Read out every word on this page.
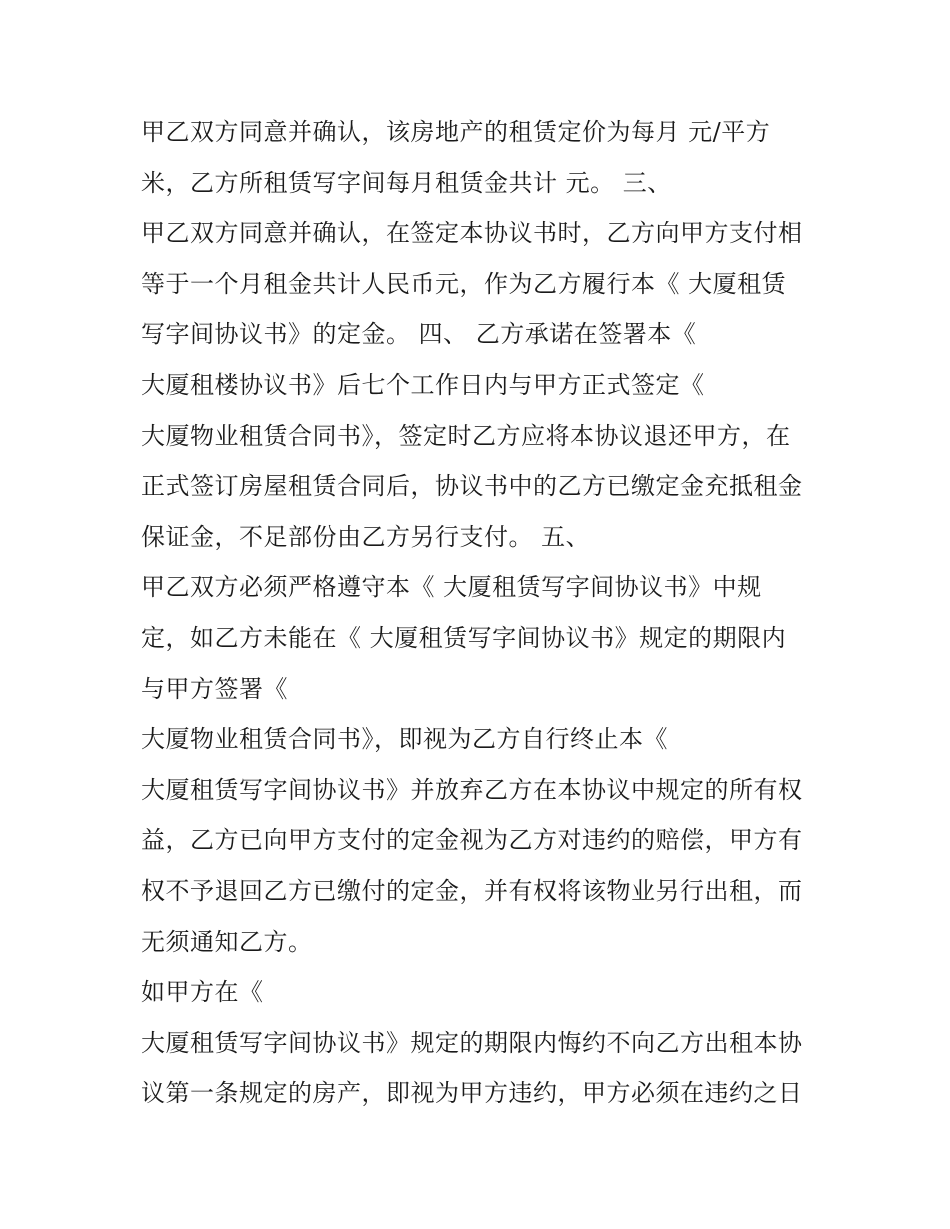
甲乙双方同意并确认，该房地产的租赁定价为每月 元/平方
米，乙方所租赁写字间每月租赁金共计 元。 三、
甲乙双方同意并确认，在签定本协议书时，乙方向甲方支付相
等于一个月租金共计人民币元，作为乙方履行本《 大厦租赁
写字间协议书》的定金。 四、 乙方承诺在签署本《
大厦租楼协议书》后七个工作日内与甲方正式签定《
大厦物业租赁合同书》，签定时乙方应将本协议退还甲方，在
正式签订房屋租赁合同后，协议书中的乙方已缴定金充抵租金
保证金，不足部份由乙方另行支付。 五、
甲乙双方必须严格遵守本《 大厦租赁写字间协议书》中规
定，如乙方未能在《 大厦租赁写字间协议书》规定的期限内
与甲方签署《
大厦物业租赁合同书》，即视为乙方自行终止本《
大厦租赁写字间协议书》并放弃乙方在本协议中规定的所有权
益，乙方已向甲方支付的定金视为乙方对违约的赔偿，甲方有
权不予退回乙方已缴付的定金，并有权将该物业另行出租，而
无须通知乙方。
如甲方在《
大厦租赁写字间协议书》规定的期限内悔约不向乙方出租本协
议第一条规定的房产，即视为甲方违约，甲方必须在违约之日
